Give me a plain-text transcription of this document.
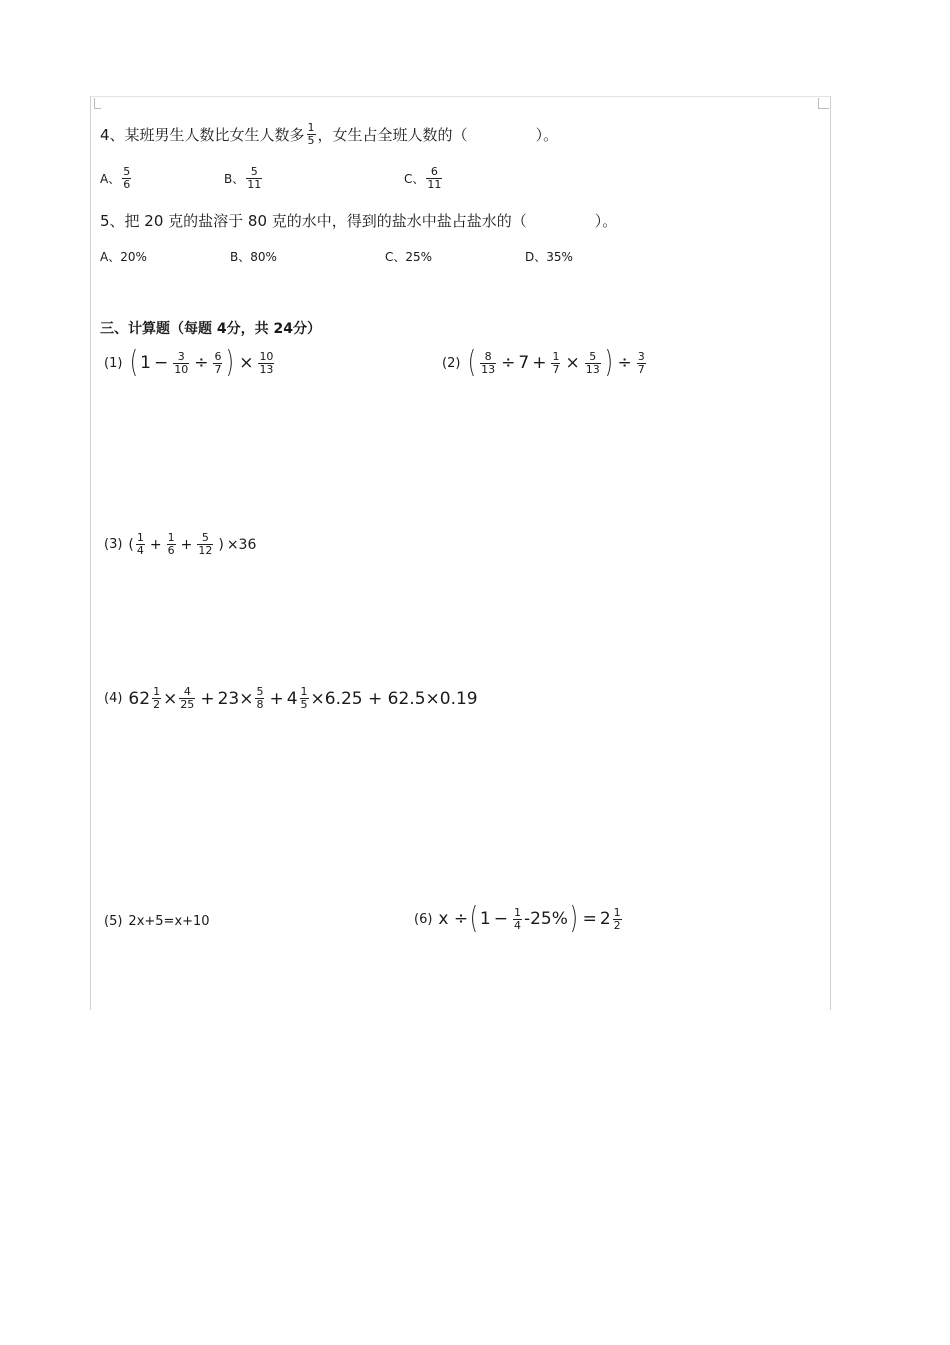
4、某班男生人数比女生人数多 $\frac{1}{5}$ ，女生占全班人数的（	）。
A、 $\frac{5}{6}$	B、 $\frac{5}{11}$	C、 $\frac{6}{11}$
5、把 20 克的盐溶于 80 克的水中，得到的盐水中盐占盐水的（	）。
A、20%	B、80%	C、25%	D、35%
三、计算题（每题 4分，共 24分）
(1) ( $1 - \frac{3}{10} \div \frac{6}{7}$ ) × $\frac{10}{13}$	(2) ( $\frac{8}{13} \div 7 + \frac{1}{7} \times \frac{5}{13}$ ) ÷ $\frac{3}{7}$
(3) ( $\frac{1}{4} + \frac{1}{6} + \frac{5}{12}$ ) ×36
(4) $62 \frac{1}{2} \times \frac{4}{25} + 23 \times \frac{5}{8} + 4 \frac{1}{5} \times 6.25 + 62.5\times 0.19$
(5) 2x+5=x+10	(6) x ÷ ( $1 - \frac{1}{4} -25\%$ ) = $2 \frac{1}{2}$
